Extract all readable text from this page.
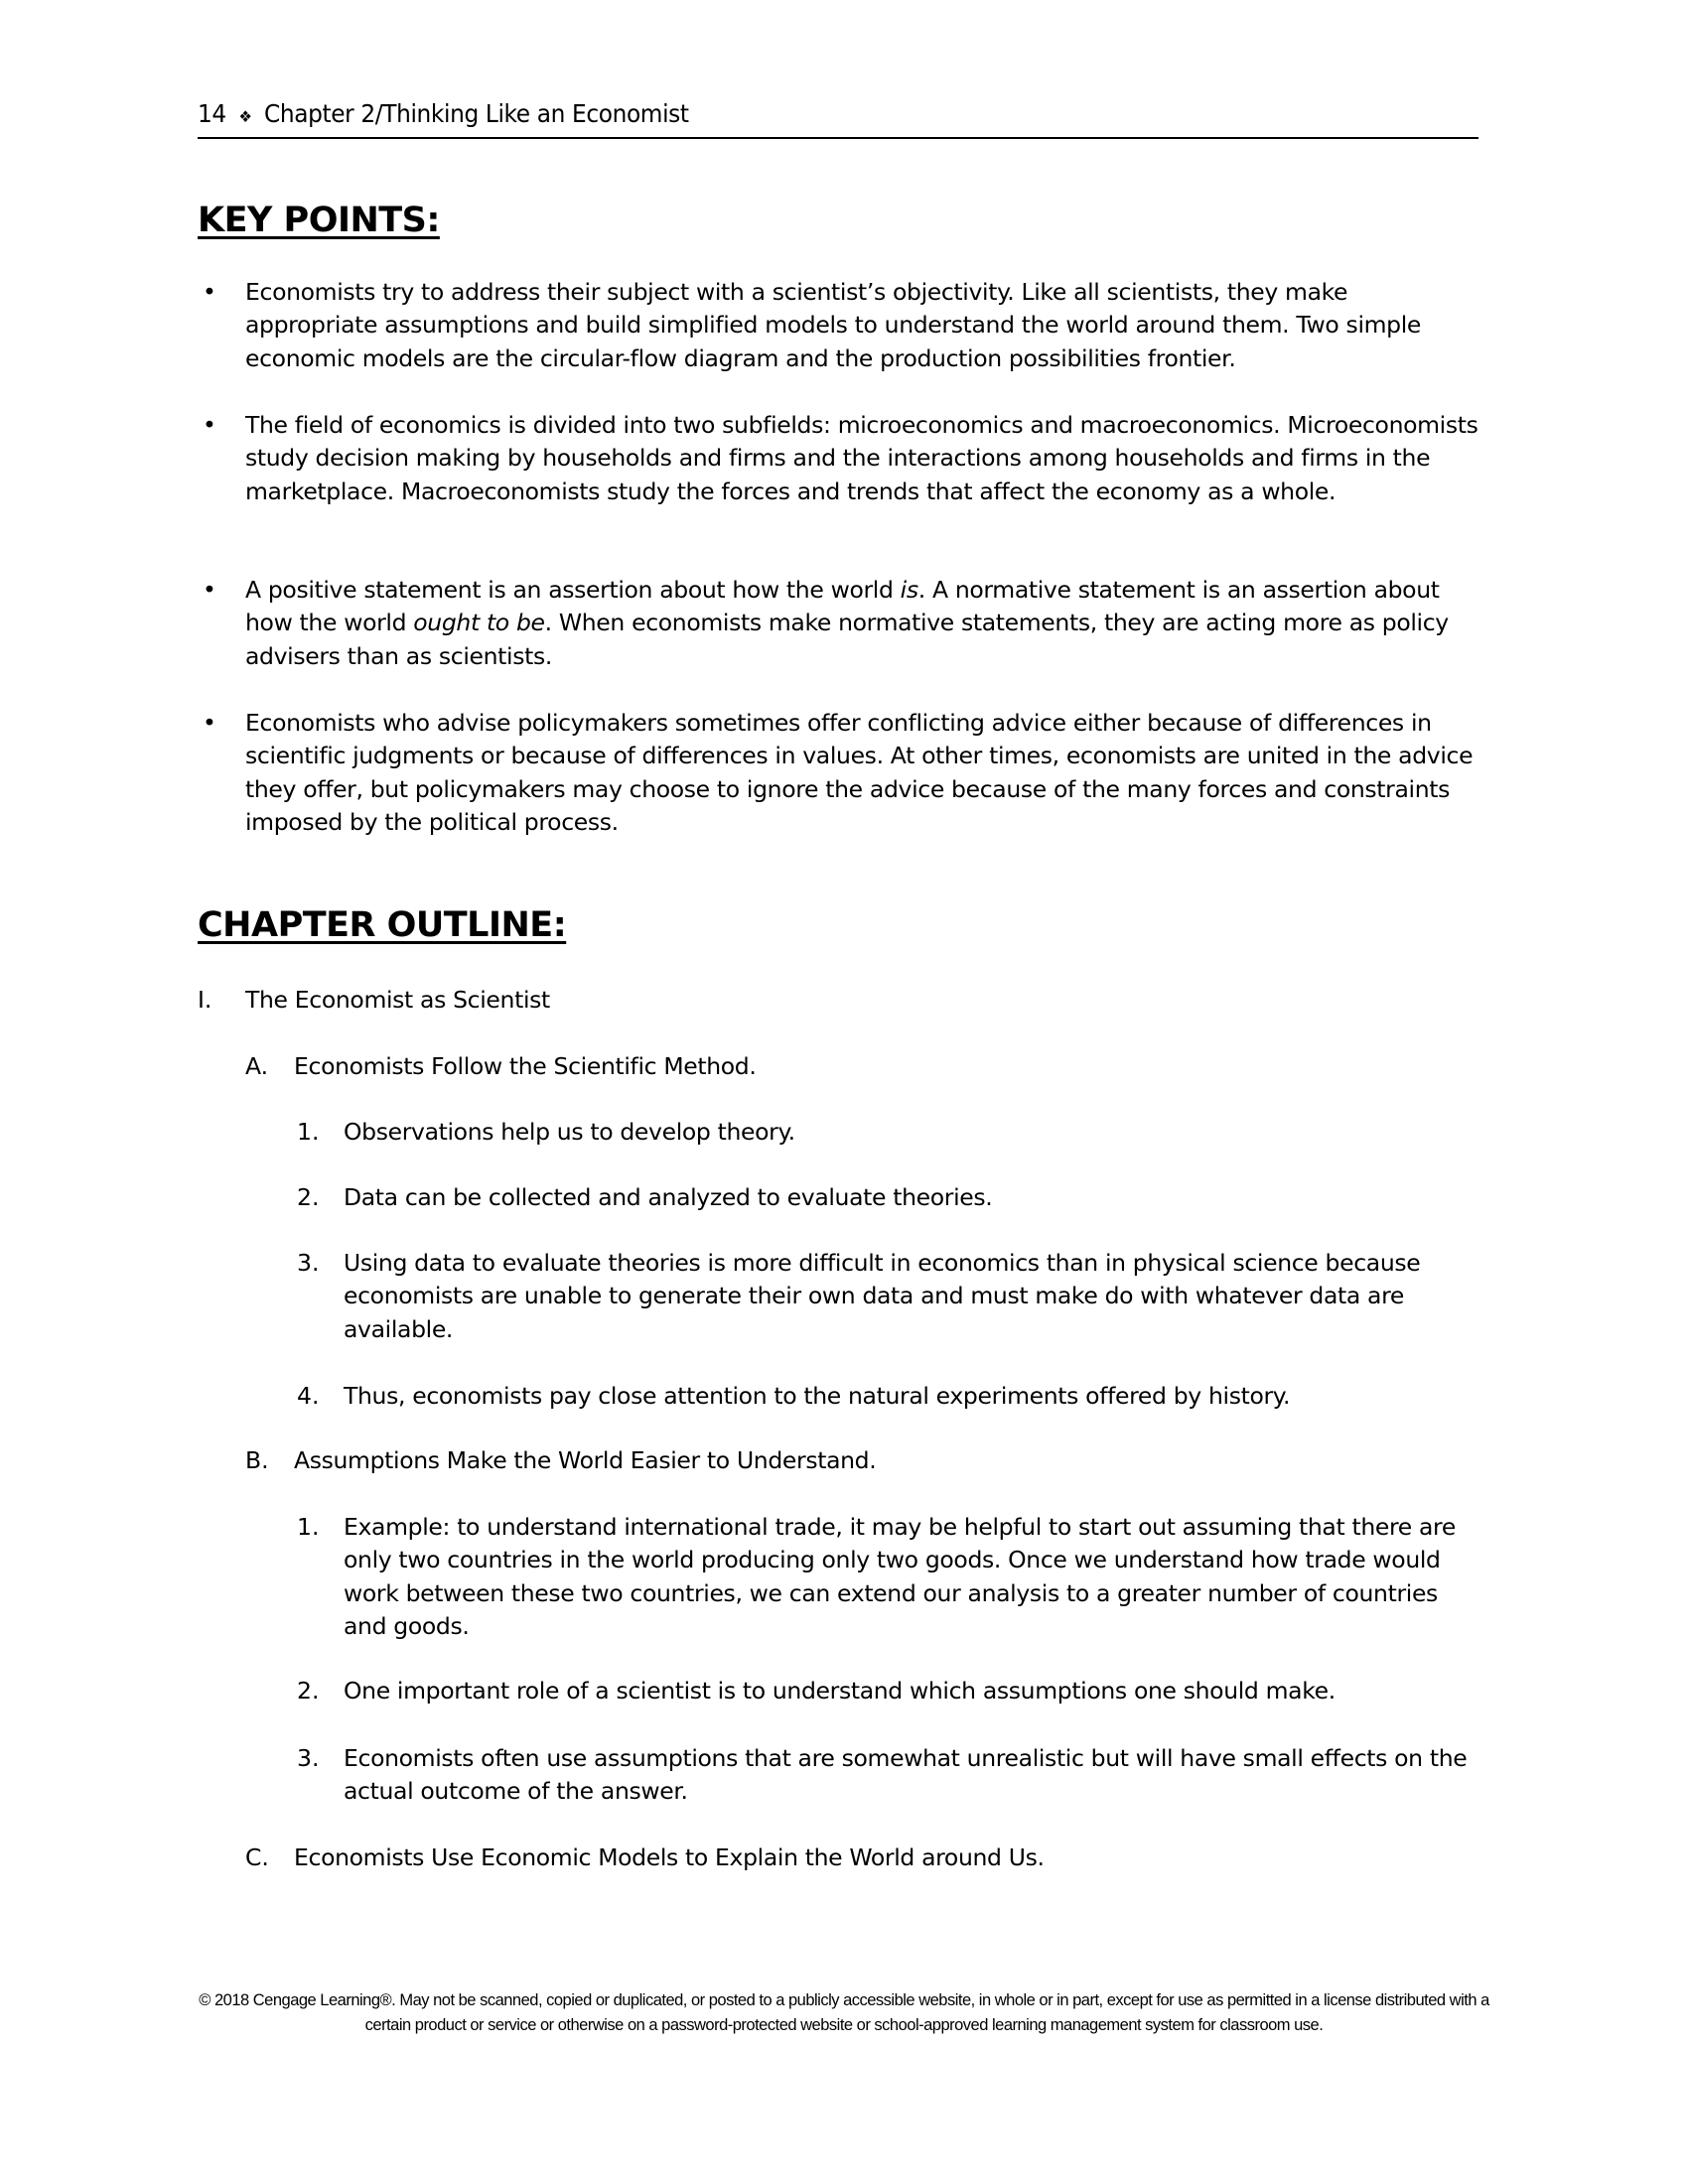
14 ❖ Chapter 2/Thinking Like an Economist
KEY POINTS:
• Economists try to address their subject with a scientist’s objectivity. Like all scientists, they make appropriate assumptions and build simplified models to understand the world around them. Two simple economic models are the circular-flow diagram and the production possibilities frontier.
• The field of economics is divided into two subfields: microeconomics and macroeconomics. Microeconomists study decision making by households and firms and the interactions among households and firms in the marketplace. Macroeconomists study the forces and trends that affect the economy as a whole.
• A positive statement is an assertion about how the world is. A normative statement is an assertion about how the world ought to be. When economists make normative statements, they are acting more as policy advisers than as scientists.
• Economists who advise policymakers sometimes offer conflicting advice either because of differences in scientific judgments or because of differences in values. At other times, economists are united in the advice they offer, but policymakers may choose to ignore the advice because of the many forces and constraints imposed by the political process.
CHAPTER OUTLINE:
I. The Economist as Scientist
A. Economists Follow the Scientific Method.
1. Observations help us to develop theory.
2. Data can be collected and analyzed to evaluate theories.
3. Using data to evaluate theories is more difficult in economics than in physical science because economists are unable to generate their own data and must make do with whatever data are available.
4. Thus, economists pay close attention to the natural experiments offered by history.
B. Assumptions Make the World Easier to Understand.
1. Example: to understand international trade, it may be helpful to start out assuming that there are only two countries in the world producing only two goods. Once we understand how trade would work between these two countries, we can extend our analysis to a greater number of countries and goods.
2. One important role of a scientist is to understand which assumptions one should make.
3. Economists often use assumptions that are somewhat unrealistic but will have small effects on the actual outcome of the answer.
C. Economists Use Economic Models to Explain the World around Us.
© 2018 Cengage Learning®. May not be scanned, copied or duplicated, or posted to a publicly accessible website, in whole or in part, except for use as permitted in a license distributed with a certain product or service or otherwise on a password-protected website or school-approved learning management system for classroom use.
